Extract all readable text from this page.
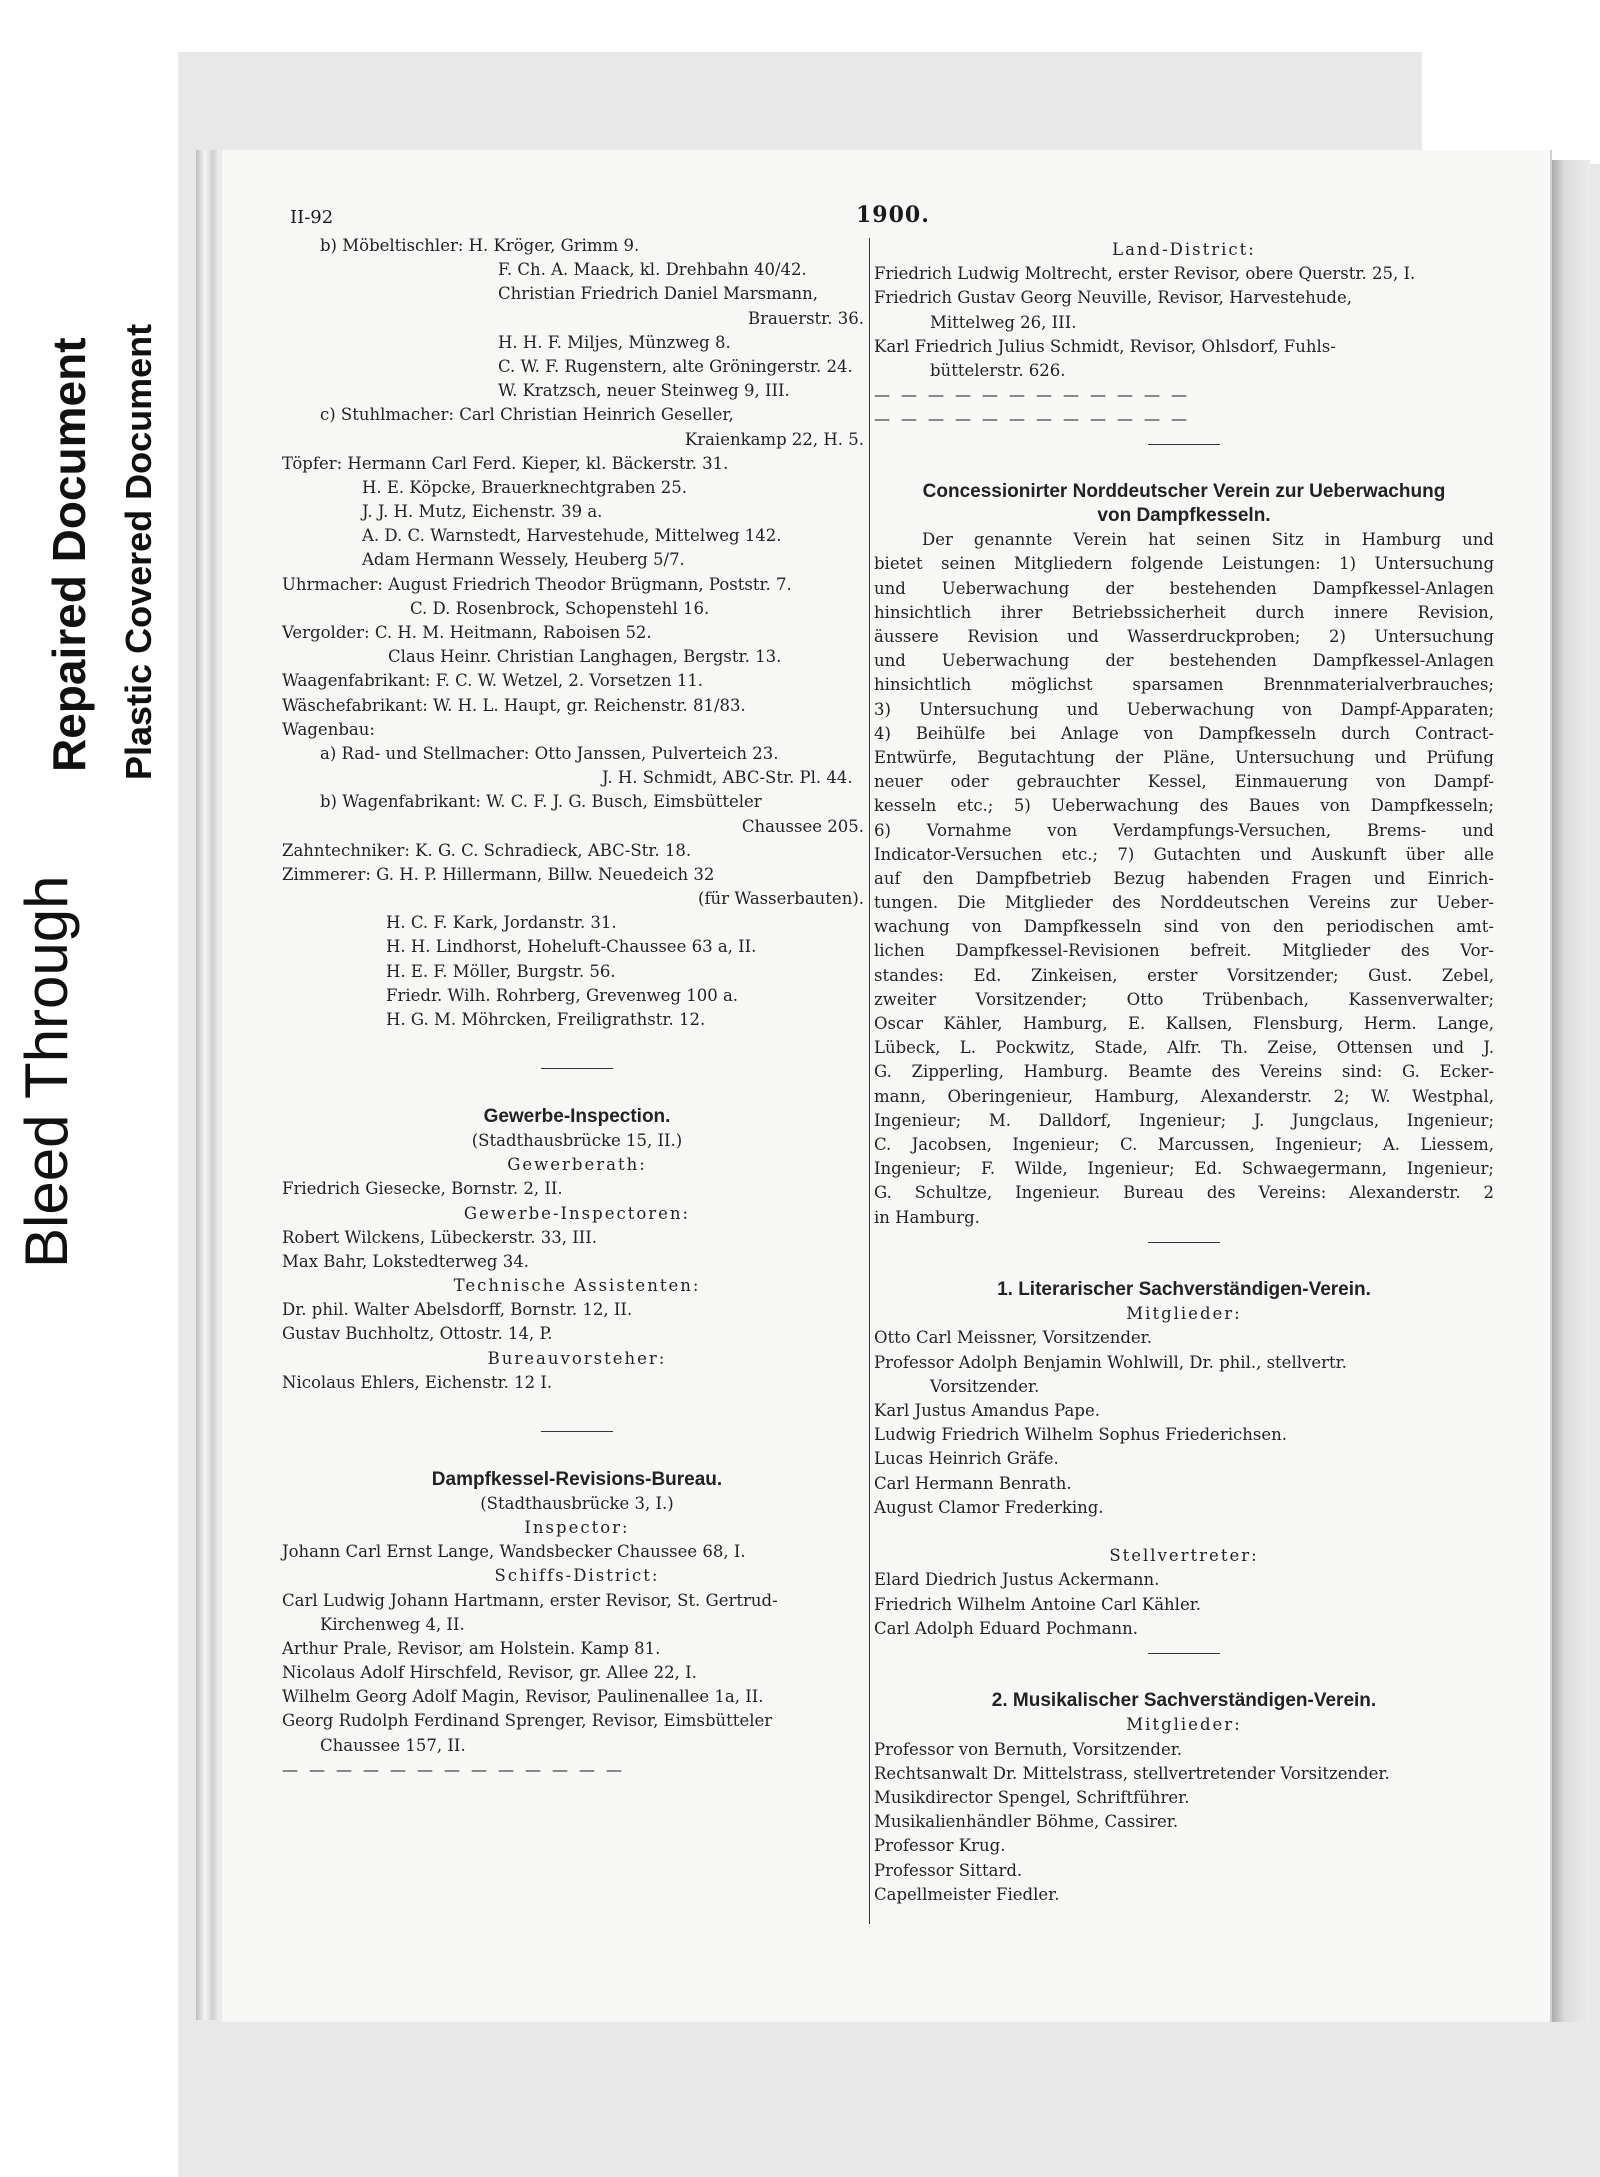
Bleed Through
Repaired Document Plastic Covered Document
II-92	1900.
b) Möbeltischler: H. Kröger, Grimm 9.
F. Ch. A. Maack, kl. Drehbahn 40/42.
Christian Friedrich Daniel Marsmann,
Brauerstr. 36.
H. H. F. Miljes, Münzweg 8.
C. W. F. Rugenstern, alte Gröningerstr. 24.
W. Kratzsch, neuer Steinweg 9, III.
c) Stuhlmacher: Carl Christian Heinrich Geseller,
Kraienkamp 22, H. 5.
Töpfer: Hermann Carl Ferd. Kieper, kl. Bäckerstr. 31.
H. E. Köpcke, Brauerknechtgraben 25.
J. J. H. Mutz, Eichenstr. 39 a.
A. D. C. Warnstedt, Harvestehude, Mittelweg 142.
Adam Hermann Wessely, Heuberg 5/7.
Uhrmacher: August Friedrich Theodor Brügmann, Poststr. 7.
C. D. Rosenbrock, Schopenstehl 16.
Vergolder: C. H. M. Heitmann, Raboisen 52.
Claus Heinr. Christian Langhagen, Bergstr. 13.
Waagenfabrikant: F. C. W. Wetzel, 2. Vorsetzen 11.
Wäschefabrikant: W. H. L. Haupt, gr. Reichenstr. 81/83.
Wagenbau:
a) Rad- und Stellmacher: Otto Janssen, Pulverteich 23.
J. H. Schmidt, ABC-Str. Pl. 44.
b) Wagenfabrikant: W. C. F. J. G. Busch, Eimsbütteler
Chaussee 205.
Zahntechniker: K. G. C. Schradieck, ABC-Str. 18.
Zimmerer: G. H. P. Hillermann, Billw. Neuedeich 32
(für Wasserbauten).
H. C. F. Kark, Jordanstr. 31.
H. H. Lindhorst, Hoheluft-Chaussee 63 a, II.
H. E. F. Möller, Burgstr. 56.
Friedr. Wilh. Rohrberg, Grevenweg 100 a.
H. G. M. Möhrcken, Freiligrathstr. 12.
Gewerbe-Inspection.
(Stadthausbrücke 15, II.)
Gewerberath:
Friedrich Giesecke, Bornstr. 2, II.
Gewerbe-Inspectoren:
Robert Wilckens, Lübeckerstr. 33, III.
Max Bahr, Lokstedterweg 34.
Technische Assistenten:
Dr. phil. Walter Abelsdorff, Bornstr. 12, II.
Gustav Buchholtz, Ottostr. 14, P.
Bureauvorsteher:
Nicolaus Ehlers, Eichenstr. 12 I.
Dampfkessel-Revisions-Bureau.
(Stadthausbrücke 3, I.)
Inspector:
Johann Carl Ernst Lange, Wandsbecker Chaussee 68, I.
Schiffs-District:
Carl Ludwig Johann Hartmann, erster Revisor, St. Gertrud-
Kirchenweg 4, II.
Arthur Prale, Revisor, am Holstein. Kamp 81.
Nicolaus Adolf Hirschfeld, Revisor, gr. Allee 22, I.
Wilhelm Georg Adolf Magin, Revisor, Paulinenallee 1a, II.
Georg Rudolph Ferdinand Sprenger, Revisor, Eimsbütteler
Chaussee 157, II.
—————————————
Land-District:
Friedrich Ludwig Moltrecht, erster Revisor, obere Querstr. 25, I.
Friedrich Gustav Georg Neuville, Revisor, Harvestehude,
Mittelweg 26, III.
Karl Friedrich Julius Schmidt, Revisor, Ohlsdorf, Fuhls-
büttelerstr. 626.
————————————
————————————
Concessionirter Norddeutscher Verein zur Ueberwachung
von Dampfkesseln.
Der genannte Verein hat seinen Sitz in Hamburg und
bietet seinen Mitgliedern folgende Leistungen: 1) Untersuchung
und Ueberwachung der bestehenden Dampfkessel-Anlagen
hinsichtlich ihrer Betriebssicherheit durch innere Revision,
äussere Revision und Wasserdruckproben; 2) Untersuchung
und Ueberwachung der bestehenden Dampfkessel-Anlagen
hinsichtlich möglichst sparsamen Brennmaterialverbrauches;
3) Untersuchung und Ueberwachung von Dampf-Apparaten;
4) Beihülfe bei Anlage von Dampfkesseln durch Contract-
Entwürfe, Begutachtung der Pläne, Untersuchung und Prüfung
neuer oder gebrauchter Kessel, Einmauerung von Dampf-
kesseln etc.; 5) Ueberwachung des Baues von Dampfkesseln;
6) Vornahme von Verdampfungs-Versuchen, Brems- und
Indicator-Versuchen etc.; 7) Gutachten und Auskunft über alle
auf den Dampfbetrieb Bezug habenden Fragen und Einrich-
tungen. Die Mitglieder des Norddeutschen Vereins zur Ueber-
wachung von Dampfkesseln sind von den periodischen amt-
lichen Dampfkessel-Revisionen befreit. Mitglieder des Vor-
standes: Ed. Zinkeisen, erster Vorsitzender; Gust. Zebel,
zweiter Vorsitzender; Otto Trübenbach, Kassenverwalter;
Oscar Kähler, Hamburg, E. Kallsen, Flensburg, Herm. Lange,
Lübeck, L. Pockwitz, Stade, Alfr. Th. Zeise, Ottensen und J.
G. Zipperling, Hamburg. Beamte des Vereins sind: G. Ecker-
mann, Oberingenieur, Hamburg, Alexanderstr. 2; W. Westphal,
Ingenieur; M. Dalldorf, Ingenieur; J. Jungclaus, Ingenieur;
C. Jacobsen, Ingenieur; C. Marcussen, Ingenieur; A. Liessem,
Ingenieur; F. Wilde, Ingenieur; Ed. Schwaegermann, Ingenieur;
G. Schultze, Ingenieur. Bureau des Vereins: Alexanderstr. 2
in Hamburg.
1. Literarischer Sachverständigen-Verein.
Mitglieder:
Otto Carl Meissner, Vorsitzender.
Professor Adolph Benjamin Wohlwill, Dr. phil., stellvertr.
Vorsitzender.
Karl Justus Amandus Pape.
Ludwig Friedrich Wilhelm Sophus Friederichsen.
Lucas Heinrich Gräfe.
Carl Hermann Benrath.
August Clamor Frederking.
Stellvertreter:
Elard Diedrich Justus Ackermann.
Friedrich Wilhelm Antoine Carl Kähler.
Carl Adolph Eduard Pochmann.
2. Musikalischer Sachverständigen-Verein.
Mitglieder:
Professor von Bernuth, Vorsitzender.
Rechtsanwalt Dr. Mittelstrass, stellvertretender Vorsitzender.
Musikdirector Spengel, Schriftführer.
Musikalienhändler Böhme, Cassirer.
Professor Krug.
Professor Sittard.
Capellmeister Fiedler.
